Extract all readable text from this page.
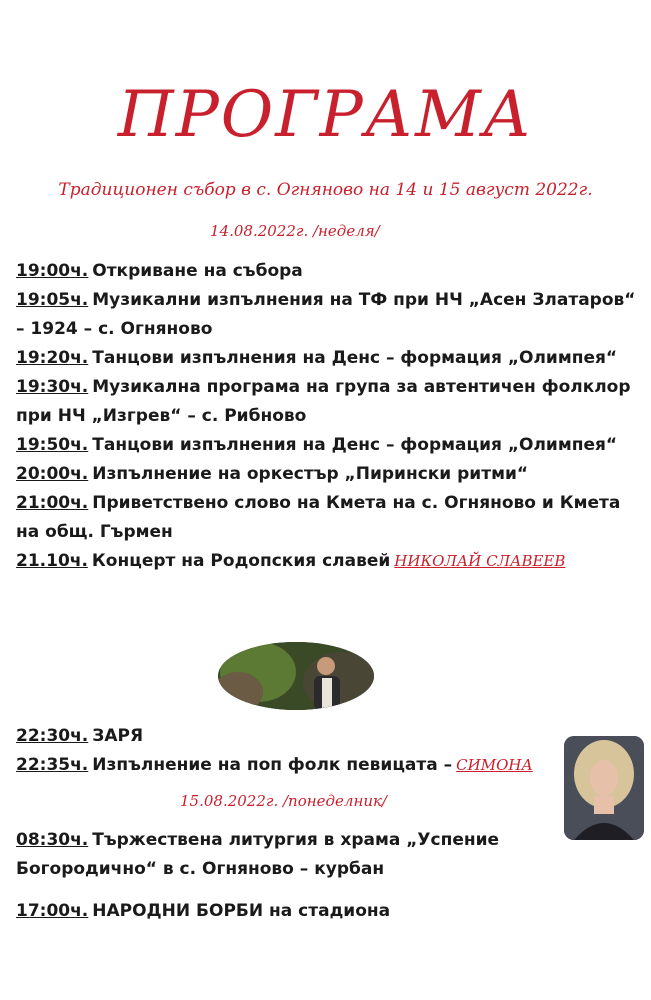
ПРОГРАМА
Традиционен събор в с. Огняново на 14 и 15 август 2022г.
14.08.2022г. /неделя/
19:00ч. Откриване на събора
19:05ч. Музикални изпълнения на ТФ при НЧ „Асен Златаров“ – 1924 – с. Огняново
19:20ч. Танцови изпълнения на Денс – формация „Олимпея“
19:30ч. Музикална програма на група за автентичен фолклор при НЧ „Изгрев“ – с. Рибново
19:50ч. Танцови изпълнения на Денс – формация „Олимпея“
20:00ч. Изпълнение на оркестър „Пирински ритми“
21:00ч. Приветствено слово на Кмета на с. Огняново и Кмета на общ. Гърмен
21.10ч. Концерт на Родопския славей НИКОЛАЙ СЛАВЕЕВ
22:30ч. ЗАРЯ
22:35ч. Изпълнение на поп фолк певицата – СИМОНА
15.08.2022г. /понеделник/
08:30ч. Тържествена литургия в храма „Успение Богородично“ в с. Огняново – курбан
17:00ч. НАРОДНИ БОРБИ на стадиона
